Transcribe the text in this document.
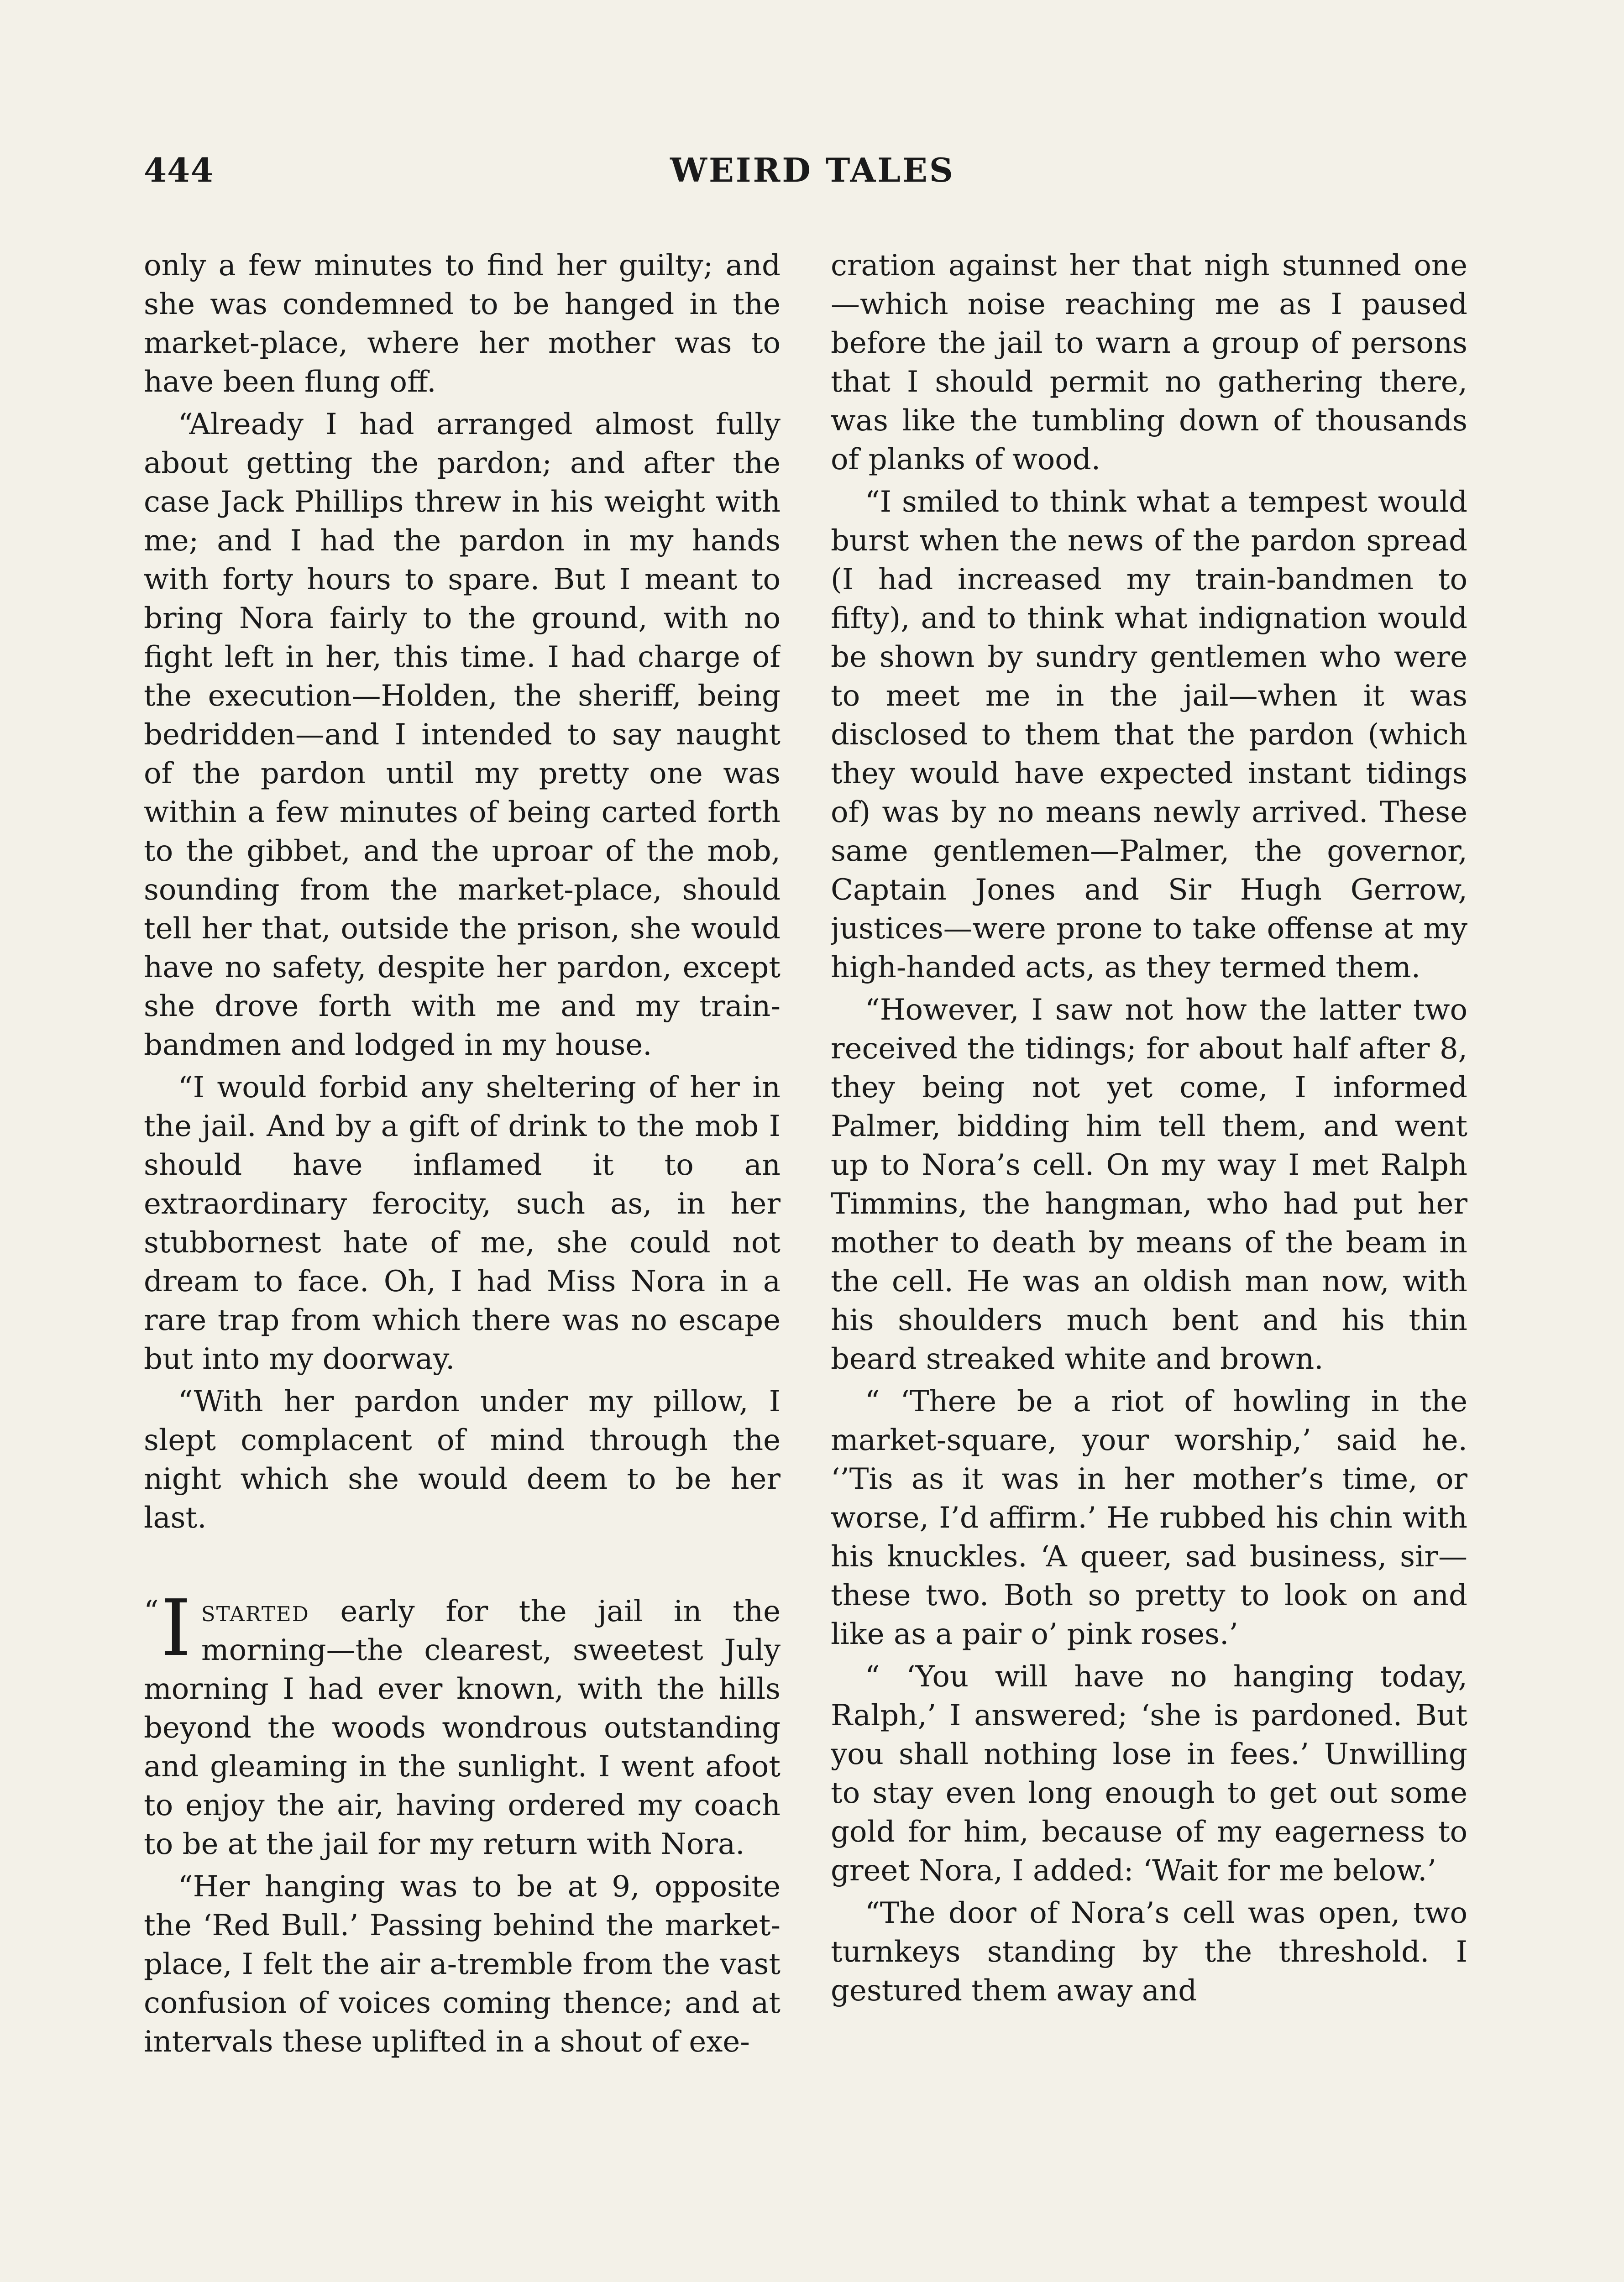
444	WEIRD TALES

only a few minutes to find her guilty; and she was condemned to be hanged in the market-place, where her mother was to have been flung off.

“Already I had arranged almost fully about getting the pardon; and after the case Jack Phillips threw in his weight with me; and I had the pardon in my hands with forty hours to spare. But I meant to bring Nora fairly to the ground, with no fight left in her, this time. I had charge of the execution—Holden, the sheriff, being bedridden—and I intended to say naught of the pardon until my pretty one was within a few minutes of being carted forth to the gibbet, and the uproar of the mob, sounding from the market-place, should tell her that, outside the prison, she would have no safety, despite her pardon, except she drove forth with me and my train-bandmen and lodged in my house.

“I would forbid any sheltering of her in the jail. And by a gift of drink to the mob I should have inflamed it to an extraordinary ferocity, such as, in her stubbornest hate of me, she could not dream to face. Oh, I had Miss Nora in a rare trap from which there was no escape but into my doorway.

“With her pardon under my pillow, I slept complacent of mind through the night which she would deem to be her last.

“ I started early for the jail in the morning—the clearest, sweetest July morning I had ever known, with the hills beyond the woods wondrous outstanding and gleaming in the sunlight. I went afoot to enjoy the air, having ordered my coach to be at the jail for my return with Nora.

“Her hanging was to be at 9, opposite the ‘Red Bull.’ Passing behind the market-place, I felt the air a-tremble from the vast confusion of voices coming thence; and at intervals these uplifted in a shout of exe-

cration against her that nigh stunned one—which noise reaching me as I paused before the jail to warn a group of persons that I should permit no gathering there, was like the tumbling down of thousands of planks of wood.

“I smiled to think what a tempest would burst when the news of the pardon spread (I had increased my train-bandmen to fifty), and to think what indignation would be shown by sundry gentlemen who were to meet me in the jail—when it was disclosed to them that the pardon (which they would have expected instant tidings of) was by no means newly arrived. These same gentlemen—Palmer, the governor, Captain Jones and Sir Hugh Gerrow, justices—were prone to take offense at my high-handed acts, as they termed them.

“However, I saw not how the latter two received the tidings; for about half after 8, they being not yet come, I informed Palmer, bidding him tell them, and went up to Nora’s cell. On my way I met Ralph Timmins, the hangman, who had put her mother to death by means of the beam in the cell. He was an oldish man now, with his shoulders much bent and his thin beard streaked white and brown.

“ ‘There be a riot of howling in the market-square, your worship,’ said he. ‘’Tis as it was in her mother’s time, or worse, I’d affirm.’ He rubbed his chin with his knuckles. ‘A queer, sad business, sir—these two. Both so pretty to look on and like as a pair o’ pink roses.’

“ ‘You will have no hanging today, Ralph,’ I answered; ‘she is pardoned. But you shall nothing lose in fees.’ Unwilling to stay even long enough to get out some gold for him, because of my eagerness to greet Nora, I added: ‘Wait for me below.’

“The door of Nora’s cell was open, two turnkeys standing by the threshold. I gestured them away and
